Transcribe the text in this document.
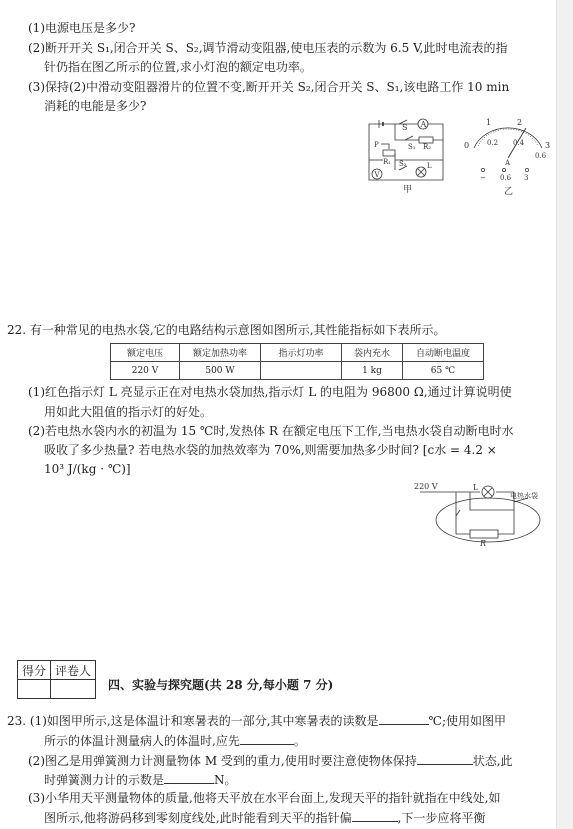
(1)电源电压是多少?
(2)断开开关 S₁,闭合开关 S、S₂,调节滑动变阻器,使电压表的示数为 6.5 V,此时电流表的指
针仍指在图乙所示的位置,求小灯泡的额定电功率。
(3)保持(2)中滑动变阻器滑片的位置不变,断开开关 S₂,闭合开关 S、S₁,该电路工作 10 min
消耗的电能是多少?
A
S
S₁ R₂
P
R₁ S₂	L
V
甲
1	2
0	0.2 0.4	3
0.6
A
− 0.6 3
乙
22. 有一种常见的电热水袋,它的电路结构示意图如图所示,其性能指标如下表所示。
额定电压	额定加热功率	指示灯功率	袋内充水	自动断电温度
220 V	500 W		1 kg	65 ℃
(1)红色指示灯 L 亮显示正在对电热水袋加热,指示灯 L 的电阻为 96800 Ω,通过计算说明使
用如此大阻值的指示灯的好处。
(2)若电热水袋内水的初温为 15 ℃时,发热体 R 在额定电压下工作,当电热水袋自动断电时水
吸收了多少热量? 若电热水袋的加热效率为 70%,则需要加热多少时间? [c水 = 4.2 ×
10³ J/(kg · ℃)]
220 V	L
R
电热水袋
得分	评卷人

四、实验与探究题(共 28 分,每小题 7 分)
23. (1)如图甲所示,这是体温计和寒暑表的一部分,其中寒暑表的读数是	℃;使用如图甲
所示的体温计测量病人的体温时,应先	。
(2)图乙是用弹簧测力计测量物体 M 受到的重力,使用时要注意使物体保持	状态,此
时弹簧测力计的示数是	N。
(3)小华用天平测量物体的质量,他将天平放在水平台面上,发现天平的指针就指在中线处,如
图所示,他将游码移到零刻度线处,此时能看到天平的指针偏	,下一步应将平衡
